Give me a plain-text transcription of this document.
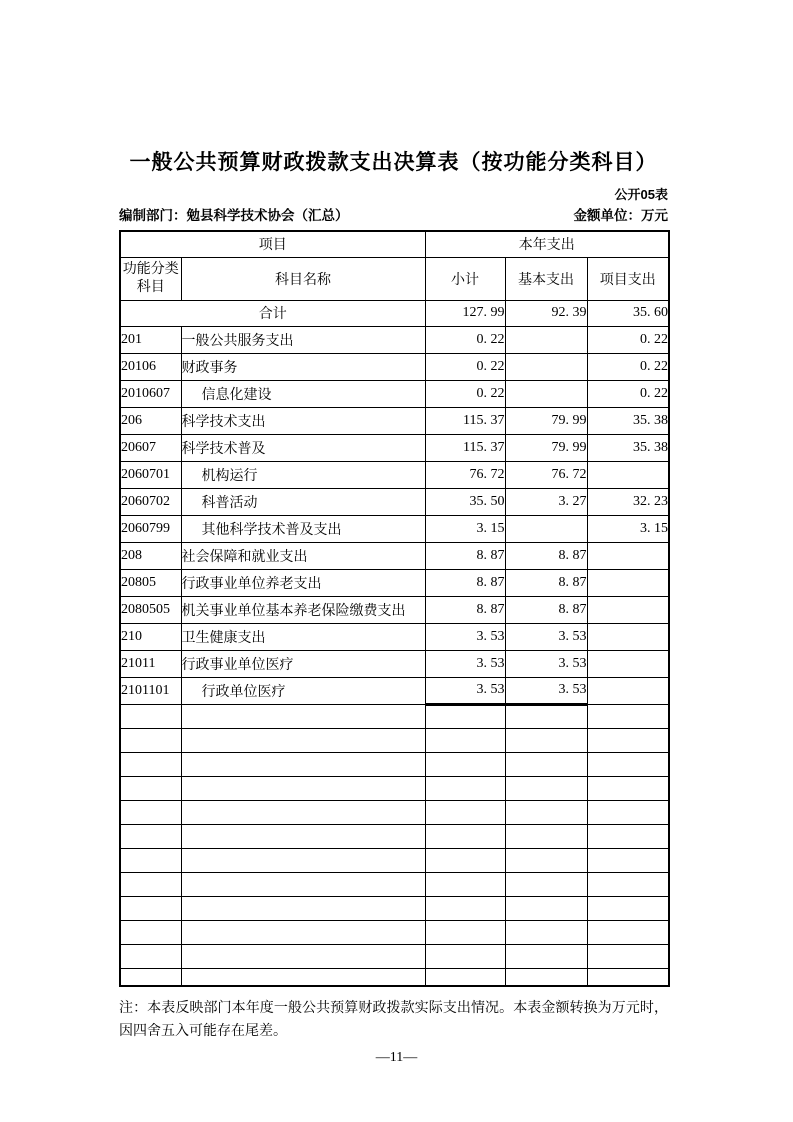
一般公共预算财政拨款支出决算表（按功能分类科目）
公开05表
编制部门：勉县科学技术协会（汇总）	金额单位：万元
项目		本年支出		
功能分类科目	科目名称	小计	基本支出	项目支出
合计		127. 99	92. 39	35. 60
201	一般公共服务支出	0. 22		0. 22
20106	财政事务	0. 22		0. 22
2010607	信息化建设	0. 22		0. 22
206	科学技术支出	115. 37	79. 99	35. 38
20607	科学技术普及	115. 37	79. 99	35. 38
2060701	机构运行	76. 72	76. 72	
2060702	科普活动	35. 50	3. 27	32. 23
2060799	其他科学技术普及支出	3. 15		3. 15
208	社会保障和就业支出	8. 87	8. 87	
20805	行政事业单位养老支出	8. 87	8. 87	
2080505	机关事业单位基本养老保险缴费支出	8. 87	8. 87	
210	卫生健康支出	3. 53	3. 53	
21011	行政事业单位医疗	3. 53	3. 53	
2101101	行政单位医疗	3. 53	3. 53	

注：本表反映部门本年度一般公共预算财政拨款实际支出情况。本表金额转换为万元时，因四舍五入可能存在尾差。
—11—
